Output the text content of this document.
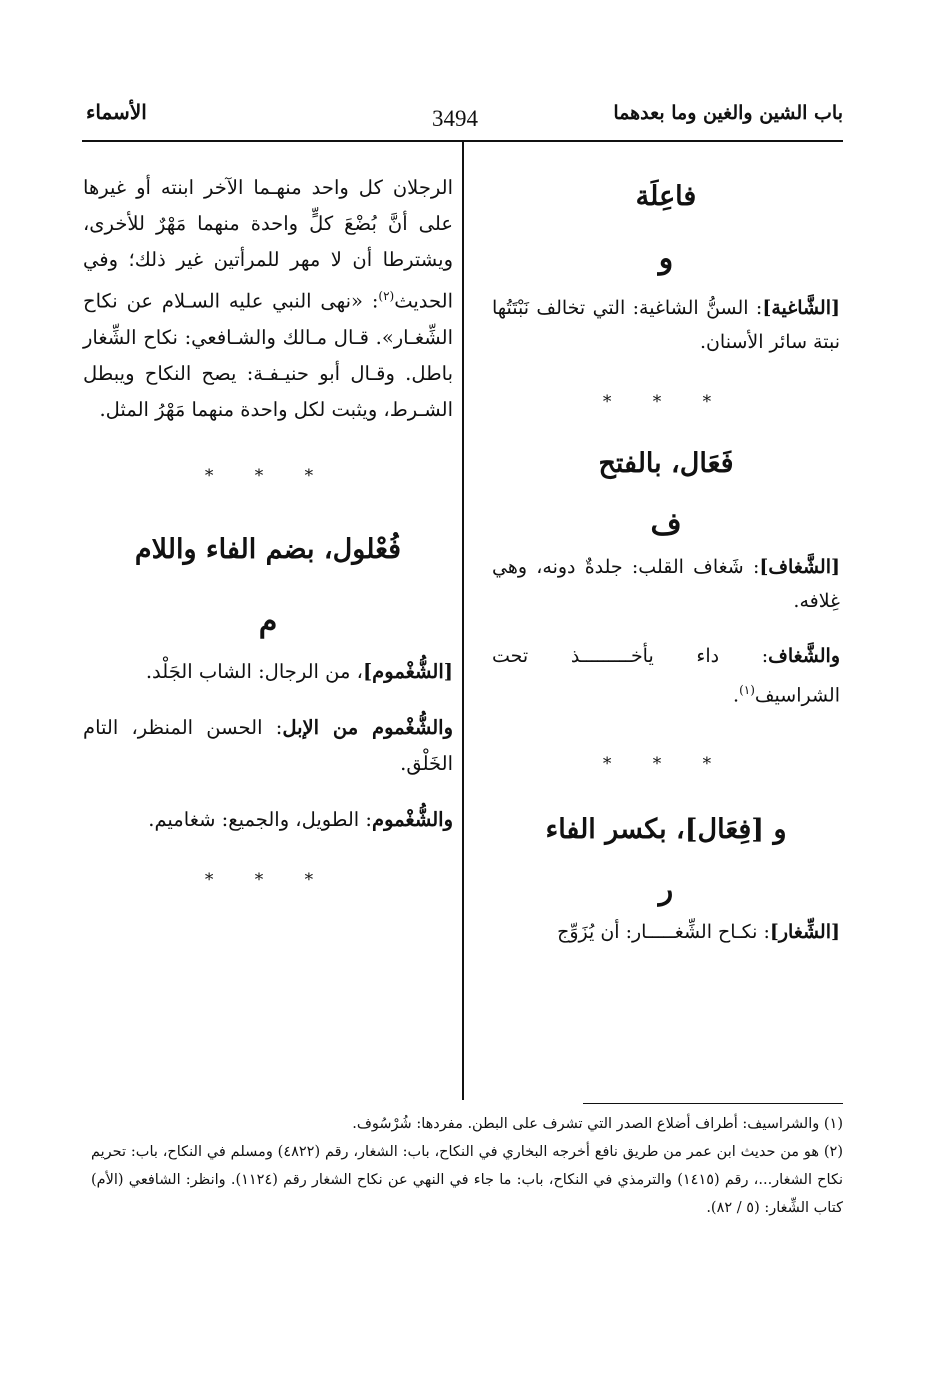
باب الشين والغين وما بعدهما
3494
الأسماء

فاعِلَة

و

[الشَّاغية]: السنُّ الشاغية: التي تخالف نَبْتَتُها نبتة سائر الأسنان.

* * *

فَعَال، بالفتح

ف

[الشَّغاف]: شَغاف القلب: جلدةٌ دونه، وهي غِلافه.

والشَّغاف: داء يأخـــــــــذ تحت الشراسيف$^{(١)}$.

* * *

و [فِعَال]، بكسر الفاء

ر

[الشِّغار]: نكـاح الشِّغـــــار: أن يُزَوِّج

الرجلان كل واحد منهـما الآخر ابنته أو غيرها على أنَّ بُضْعَ كلٍّ واحدة منهما مَهْرٌ للأخرى، ويشترطا أن لا مهر للمرأتين غير ذلك؛ وفي الحديث$^{(٢)}$: «نهى النبي عليه السـلام عن نكاح الشِّغـار». قـال مـالك والشـافعي: نكاح الشِّغار باطل. وقـال أبو حنيـفـة: يصح النكاح ويبطل الشـرط، ويثبت لكل واحدة منهما مَهْرُ المثل.

* * *

فُعْلول، بضم الفاء واللام

م

[الشُّغْموم]، من الرجال: الشاب الجَلْد.

والشُّغْموم من الإبل: الحسن المنظر، التام الخَلْق.

والشُّغْموم: الطويل، والجميع: شغاميم.

* * *

(١) والشراسيف: أطراف أضلاع الصدر التي تشرف على البطن. مفردها: شُرْسُوف.

(٢) هو من حديث ابن عمر من طريق نافع أخرجه البخاري في النكاح، باب: الشغار، رقم (٤٨٢٢) ومسلم في النكاح، باب: تحريم نكاح الشغار...، رقم (١٤١٥) والترمذي في النكاح، باب: ما جاء في النهي عن نكاح الشغار رقم (١١٢٤). وانظر: الشافعي (الأم) كتاب الشِّغار: (٥ / ٨٢).
